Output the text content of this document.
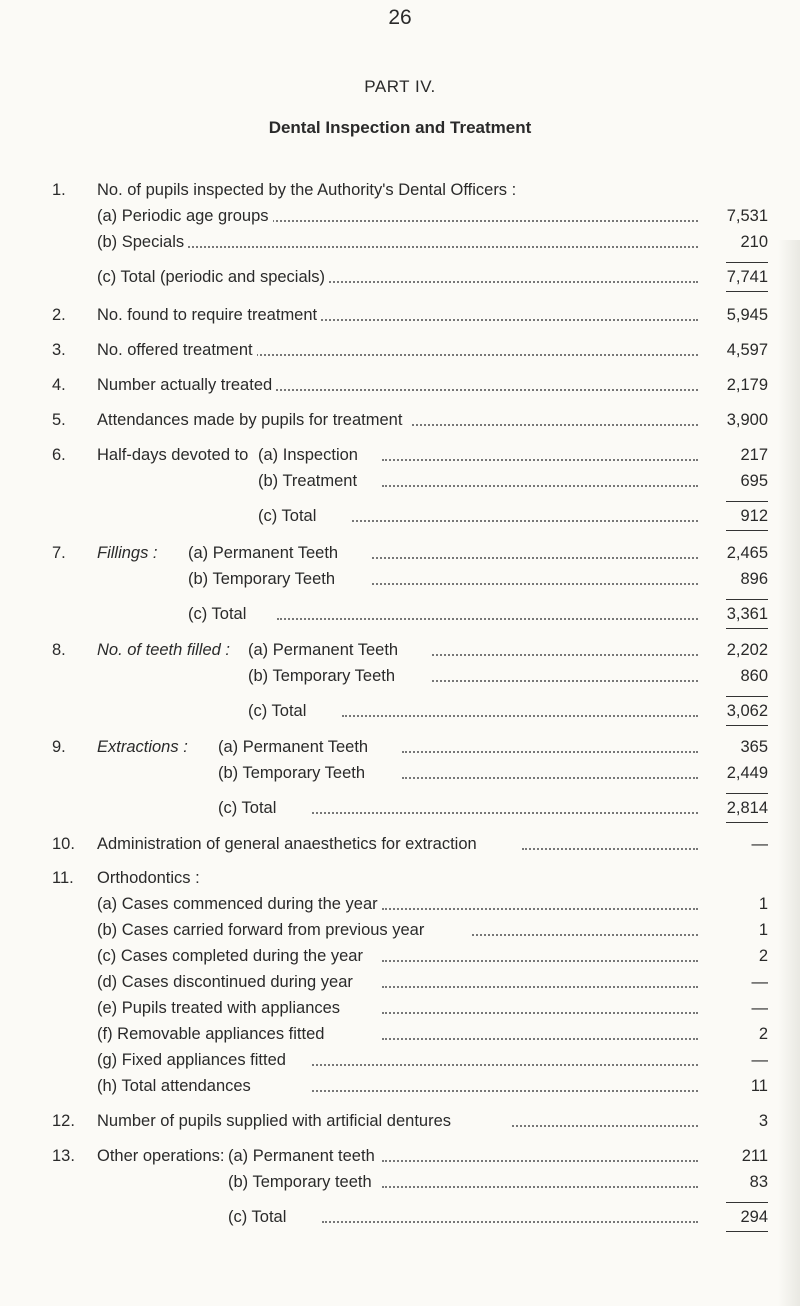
26
PART IV.
Dental Inspection and Treatment
1.	No. of pupils inspected by the Authority's Dental Officers :
(a) Periodic age groups	7,531
(b) Specials	210
(c) Total (periodic and specials)	7,741
2.	No. found to require treatment	5,945
3.	No. offered treatment	4,597
4.	Number actually treated	2,179
5.	Attendances made by pupils for treatment	3,900
6.	Half-days devoted to (a) Inspection	217
(b) Treatment	695
(c) Total	912
7.	Fillings : (a) Permanent Teeth	2,465
(b) Temporary Teeth	896
(c) Total	3,361
8.	No. of teeth filled : (a) Permanent Teeth	2,202
(b) Temporary Teeth	860
(c) Total	3,062
9.	Extractions : (a) Permanent Teeth	365
(b) Temporary Teeth	2,449
(c) Total	2,814
10.	Administration of general anaesthetics for extraction	—
11.	Orthodontics :
(a) Cases commenced during the year	1
(b) Cases carried forward from previous year	1
(c) Cases completed during the year	2
(d) Cases discontinued during year	—
(e) Pupils treated with appliances	—
(f) Removable appliances fitted	2
(g) Fixed appliances fitted	—
(h) Total attendances	11
12.	Number of pupils supplied with artificial dentures	3
13.	Other operations: (a) Permanent teeth	211
(b) Temporary teeth	83
(c) Total	294
